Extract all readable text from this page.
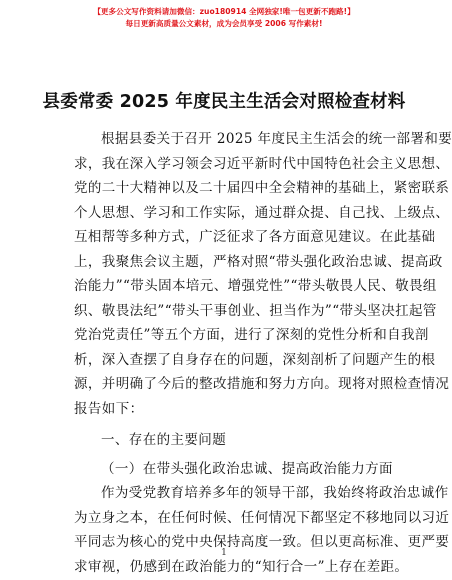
【更多公文写作资料请加微信：zuo180914 全网独家!唯一包更新不跑路!】
每日更新高质量公文素材，成为会员享受 2006 写作素材!
县委常委 2025 年度民主生活会对照检查材料
根据县委关于召开 2025 年度民主生活会的统一部署和要
求，我在深入学习领会习近平新时代中国特色社会主义思想、
党的二十大精神以及二十届四中全会精神的基础上，紧密联系
个人思想、学习和工作实际，通过群众提、自己找、上级点、
互相帮等多种方式，广泛征求了各方面意见建议。在此基础
上，我聚焦会议主题，严格对照“带头强化政治忠诚、提高政
治能力”“带头固本培元、增强党性”“带头敬畏人民、敬畏组
织、敬畏法纪”“带头干事创业、担当作为”“带头坚决扛起管
党治党责任”等五个方面，进行了深刻的党性分析和自我剖
析，深入查摆了自身存在的问题，深刻剖析了问题产生的根
源，并明确了今后的整改措施和努力方向。现将对照检查情况
报告如下：
一、存在的主要问题
（一）在带头强化政治忠诚、提高政治能力方面
作为受党教育培养多年的领导干部，我始终将政治忠诚作
为立身之本，在任何时候、任何情况下都坚定不移地同以习近
平同志为核心的党中央保持高度一致。但以更高标准、更严要
求审视，仍感到在政治能力的“知行合一”上存在差距。
1
